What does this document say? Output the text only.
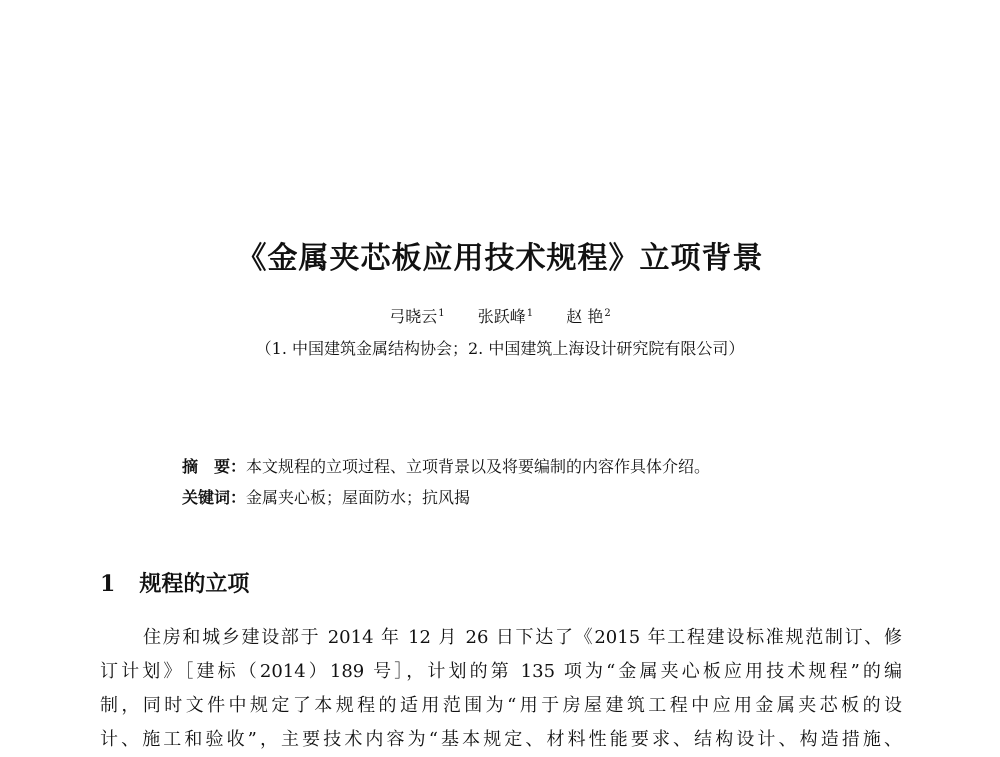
《金属夹芯板应用技术规程》立项背景
弓晓云$^1$ 张跃峰$^1$ 赵 艳$^2$
（1. 中国建筑金属结构协会；2. 中国建筑上海设计研究院有限公司）
摘　要：本文规程的立项过程、立项背景以及将要编制的内容作具体介绍。
关键词：金属夹心板；屋面防水；抗风揭
1 规程的立项
住房和城乡建设部于 2014 年 12 月 26 日下达了《2015 年工程建设标准规范制订、修
订计划》［建标（2014）189 号］，计划的第 135 项为“金属夹心板应用技术规程”的编
制，同时文件中规定了本规程的适用范围为“用于房屋建筑工程中应用金属夹芯板的设
计、施工和验收”，主要技术内容为“基本规定、材料性能要求、结构设计、构造措施、
